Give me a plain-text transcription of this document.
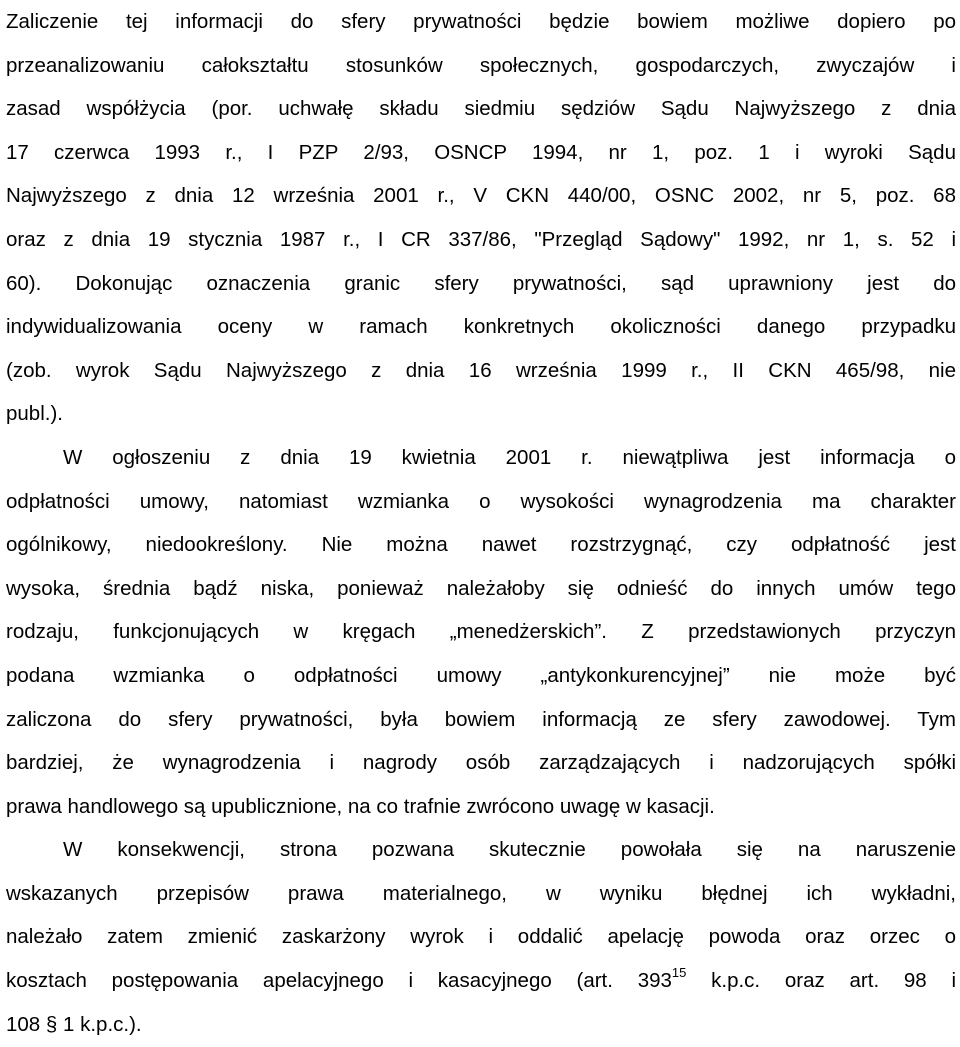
Zaliczenie tej informacji do sfery prywatności będzie bowiem możliwe dopiero po
przeanalizowaniu całokształtu stosunków społecznych, gospodarczych, zwyczajów i
zasad współżycia (por. uchwałę składu siedmiu sędziów Sądu Najwyższego z dnia
17 czerwca 1993 r., I PZP 2/93, OSNCP 1994, nr 1, poz. 1 i wyroki Sądu
Najwyższego z dnia 12 września 2001 r., V CKN 440/00, OSNC 2002, nr 5, poz. 68
oraz z dnia 19 stycznia 1987 r., I CR 337/86, "Przegląd Sądowy" 1992, nr 1, s. 52 i
60). Dokonując oznaczenia granic sfery prywatności, sąd uprawniony jest do
indywidualizowania oceny w ramach konkretnych okoliczności danego przypadku
(zob. wyrok Sądu Najwyższego z dnia 16 września 1999 r., II CKN 465/98, nie
publ.).
W ogłoszeniu z dnia 19 kwietnia 2001 r. niewątpliwa jest informacja o
odpłatności umowy, natomiast wzmianka o wysokości wynagrodzenia ma charakter
ogólnikowy, niedookreślony. Nie można nawet rozstrzygnąć, czy odpłatność jest
wysoka, średnia bądź niska, ponieważ należałoby się odnieść do innych umów tego
rodzaju, funkcjonujących w kręgach „menedżerskich”. Z przedstawionych przyczyn
podana wzmianka o odpłatności umowy „antykonkurencyjnej” nie może być
zaliczona do sfery prywatności, była bowiem informacją ze sfery zawodowej. Tym
bardziej, że wynagrodzenia i nagrody osób zarządzających i nadzorujących spółki
prawa handlowego są upublicznione, na co trafnie zwrócono uwagę w kasacji.
W konsekwencji, strona pozwana skutecznie powołała się na naruszenie
wskazanych przepisów prawa materialnego, w wyniku błędnej ich wykładni,
należało zatem zmienić zaskarżony wyrok i oddalić apelację powoda oraz orzec o
kosztach postępowania apelacyjnego i kasacyjnego (art. $393^{15}$ k.p.c. oraz art. 98 i
108 § 1 k.p.c.).
